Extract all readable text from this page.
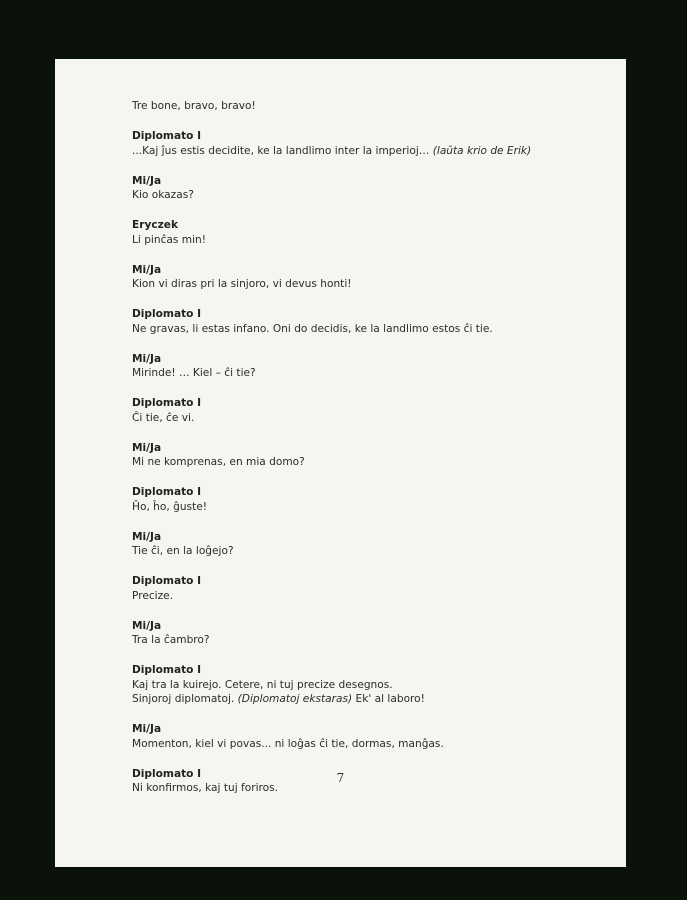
Tre bone, bravo, bravo!
Diplomato I
...Kaj ĵus estis decidite, ke la landlimo inter la imperioj… (laŭta krio de Erik)
Mi/Ja
Kio okazas?
Eryczek
Li pinĉas min!
Mi/Ja
Kion vi diras pri la sinjoro, vi devus honti!
Diplomato I
Ne gravas, li estas infano. Oni do decidis, ke la landlimo estos ĉi tie.
Mi/Ja
Mirinde! … Kiel – ĉi tie?
Diplomato I
Ĉi tie, ĉe vi.
Mi/Ja
Mi ne komprenas, en mia domo?
Diplomato I
Ĥo, ĥo, ĝuste!
Mi/Ja
Tie ĉi, en la loĝejo?
Diplomato I
Precize.
Mi/Ja
Tra la ĉambro?
Diplomato I
Kaj tra la kuirejo. Cetere, ni tuj precize desegnos.
Sinjoroj diplomatoj. (Diplomatoj ekstaras) Ek' al laboro!
Mi/Ja
Momenton, kiel vi povas... ni loĝas ĉi tie, dormas, manĝas.
Diplomato I
Ni konfirmos, kaj tuj foriros.
7
